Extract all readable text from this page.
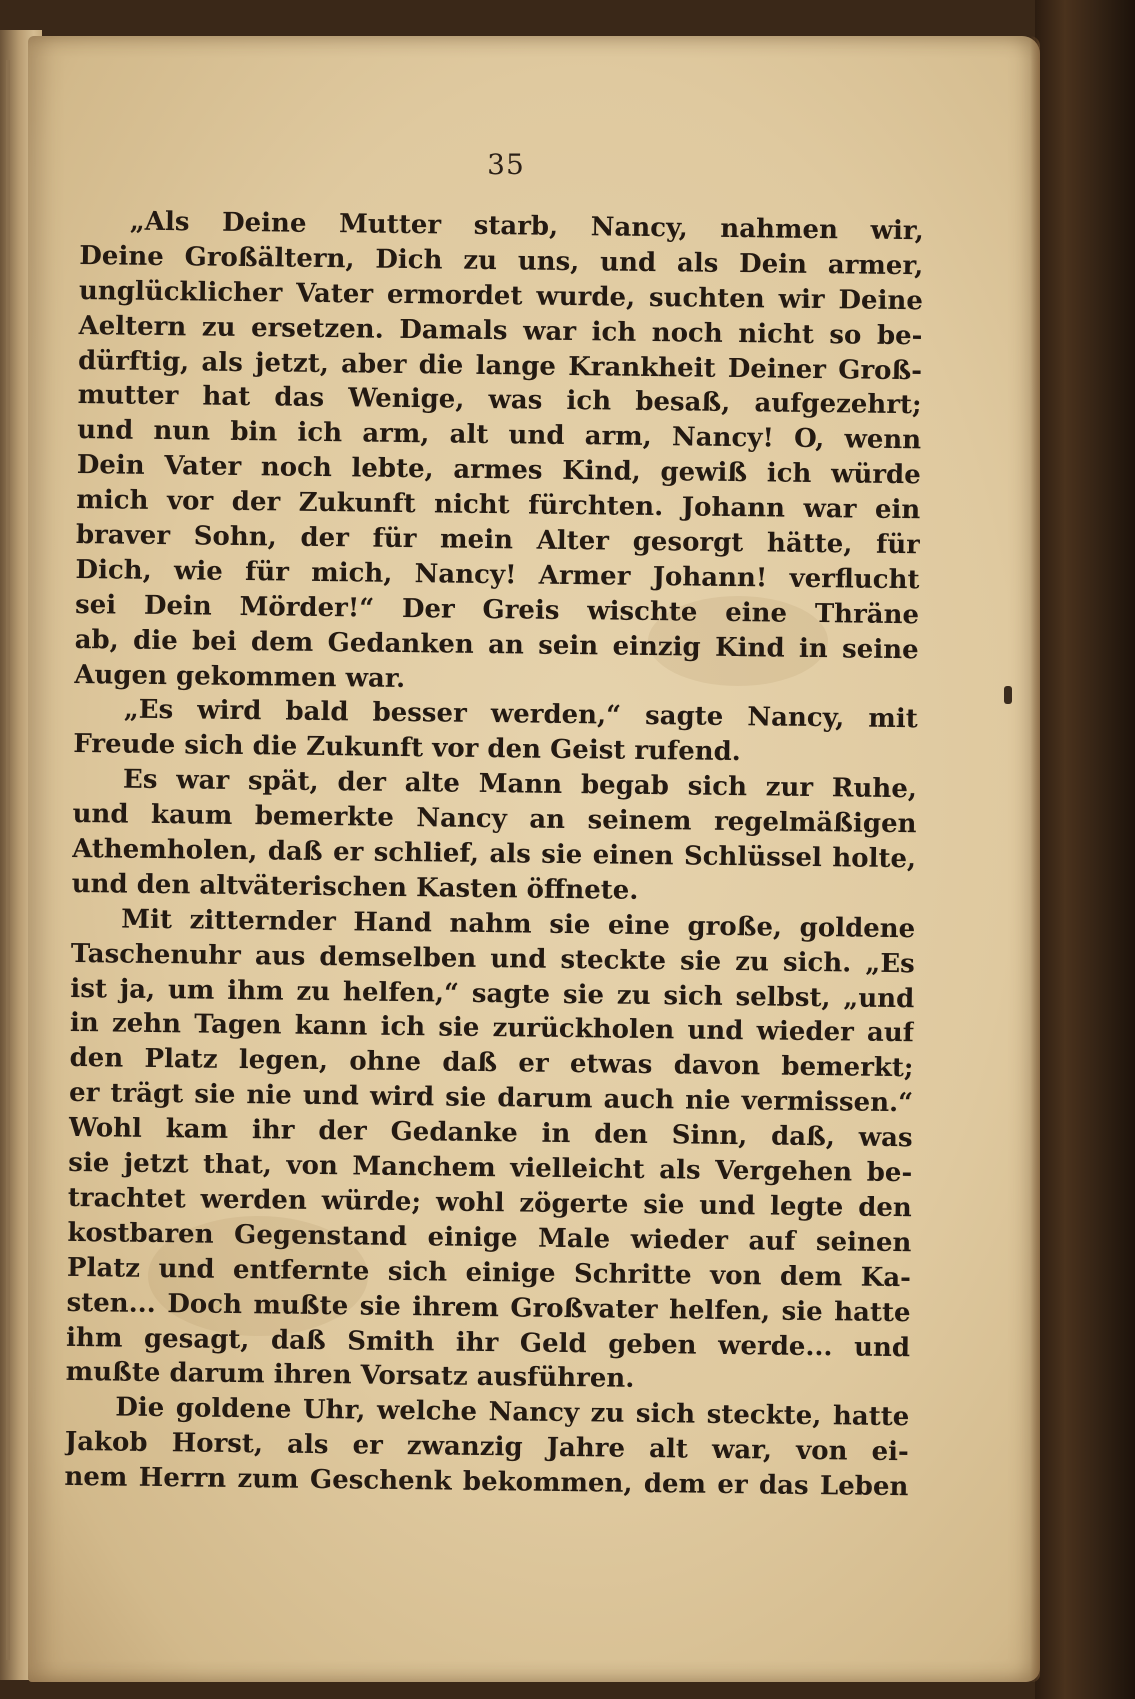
35
„Als Deine Mutter starb, Nancy, nahmen wir,
Deine Großältern, Dich zu uns, und als Dein armer,
unglücklicher Vater ermordet wurde, suchten wir Deine
Aeltern zu ersetzen. Damals war ich noch nicht so be-
dürftig, als jetzt, aber die lange Krankheit Deiner Groß-
mutter hat das Wenige, was ich besaß, aufgezehrt;
und nun bin ich arm, alt und arm, Nancy! O, wenn
Dein Vater noch lebte, armes Kind, gewiß ich würde
mich vor der Zukunft nicht fürchten. Johann war ein
braver Sohn, der für mein Alter gesorgt hätte, für
Dich, wie für mich, Nancy! Armer Johann! verflucht
sei Dein Mörder!“ Der Greis wischte eine Thräne
ab, die bei dem Gedanken an sein einzig Kind in seine
Augen gekommen war.
„Es wird bald besser werden,“ sagte Nancy, mit
Freude sich die Zukunft vor den Geist rufend.
Es war spät, der alte Mann begab sich zur Ruhe,
und kaum bemerkte Nancy an seinem regelmäßigen
Athemholen, daß er schlief, als sie einen Schlüssel holte,
und den altväterischen Kasten öffnete.
Mit zitternder Hand nahm sie eine große, goldene
Taschenuhr aus demselben und steckte sie zu sich. „Es
ist ja, um ihm zu helfen,“ sagte sie zu sich selbst, „und
in zehn Tagen kann ich sie zurückholen und wieder auf
den Platz legen, ohne daß er etwas davon bemerkt;
er trägt sie nie und wird sie darum auch nie vermissen.“
Wohl kam ihr der Gedanke in den Sinn, daß, was
sie jetzt that, von Manchem vielleicht als Vergehen be-
trachtet werden würde; wohl zögerte sie und legte den
kostbaren Gegenstand einige Male wieder auf seinen
Platz und entfernte sich einige Schritte von dem Ka-
sten... Doch mußte sie ihrem Großvater helfen, sie hatte
ihm gesagt, daß Smith ihr Geld geben werde... und
mußte darum ihren Vorsatz ausführen.
Die goldene Uhr, welche Nancy zu sich steckte, hatte
Jakob Horst, als er zwanzig Jahre alt war, von ei-
nem Herrn zum Geschenk bekommen, dem er das Leben
